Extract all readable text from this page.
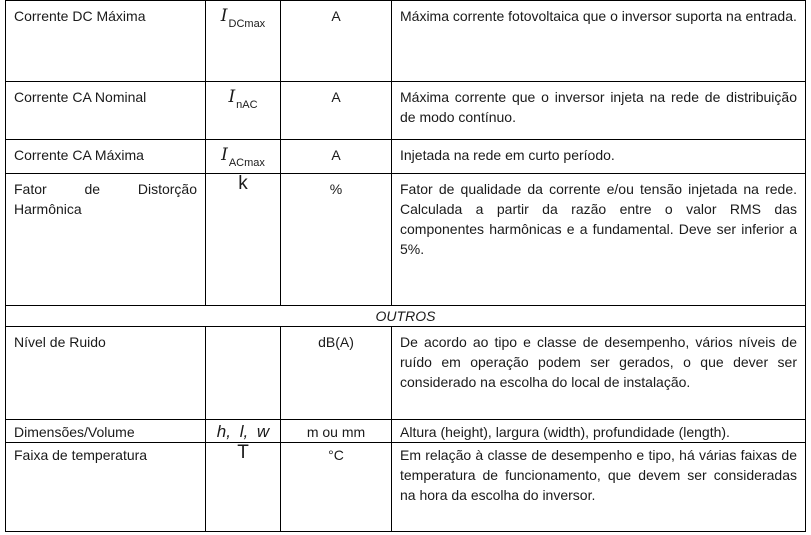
Corrente DC Máxima	$I_{DCmax}$	A	Máxima corrente fotovoltaica que o inversor suporta na entrada.
Corrente CA Nominal	$I_{nAC}$	A	Máxima corrente que o inversor injeta na rede de distribuição de modo contínuo.
Corrente CA Máxima	$I_{ACmax}$	A	Injetada na rede em curto período.
Fator de Distorção Harmônica	k	%	Fator de qualidade da corrente e/ou tensão injetada na rede. Calculada a partir da razão entre o valor RMS das componentes harmônicas e a fundamental. Deve ser inferior a 5%.
OUTROS			
Nível de Ruido		dB(A)	De acordo ao tipo e classe de desempenho, vários níveis de ruído em operação podem ser gerados, o que dever ser considerado na escolha do local de instalação.
Dimensões/Volume	h, l, w	m ou mm	Altura (height), largura (width), profundidade (length).
Faixa de temperatura	T	°C	Em relação à classe de desempenho e tipo, há várias faixas de temperatura de funcionamento, que devem ser consideradas na hora da escolha do inversor.
